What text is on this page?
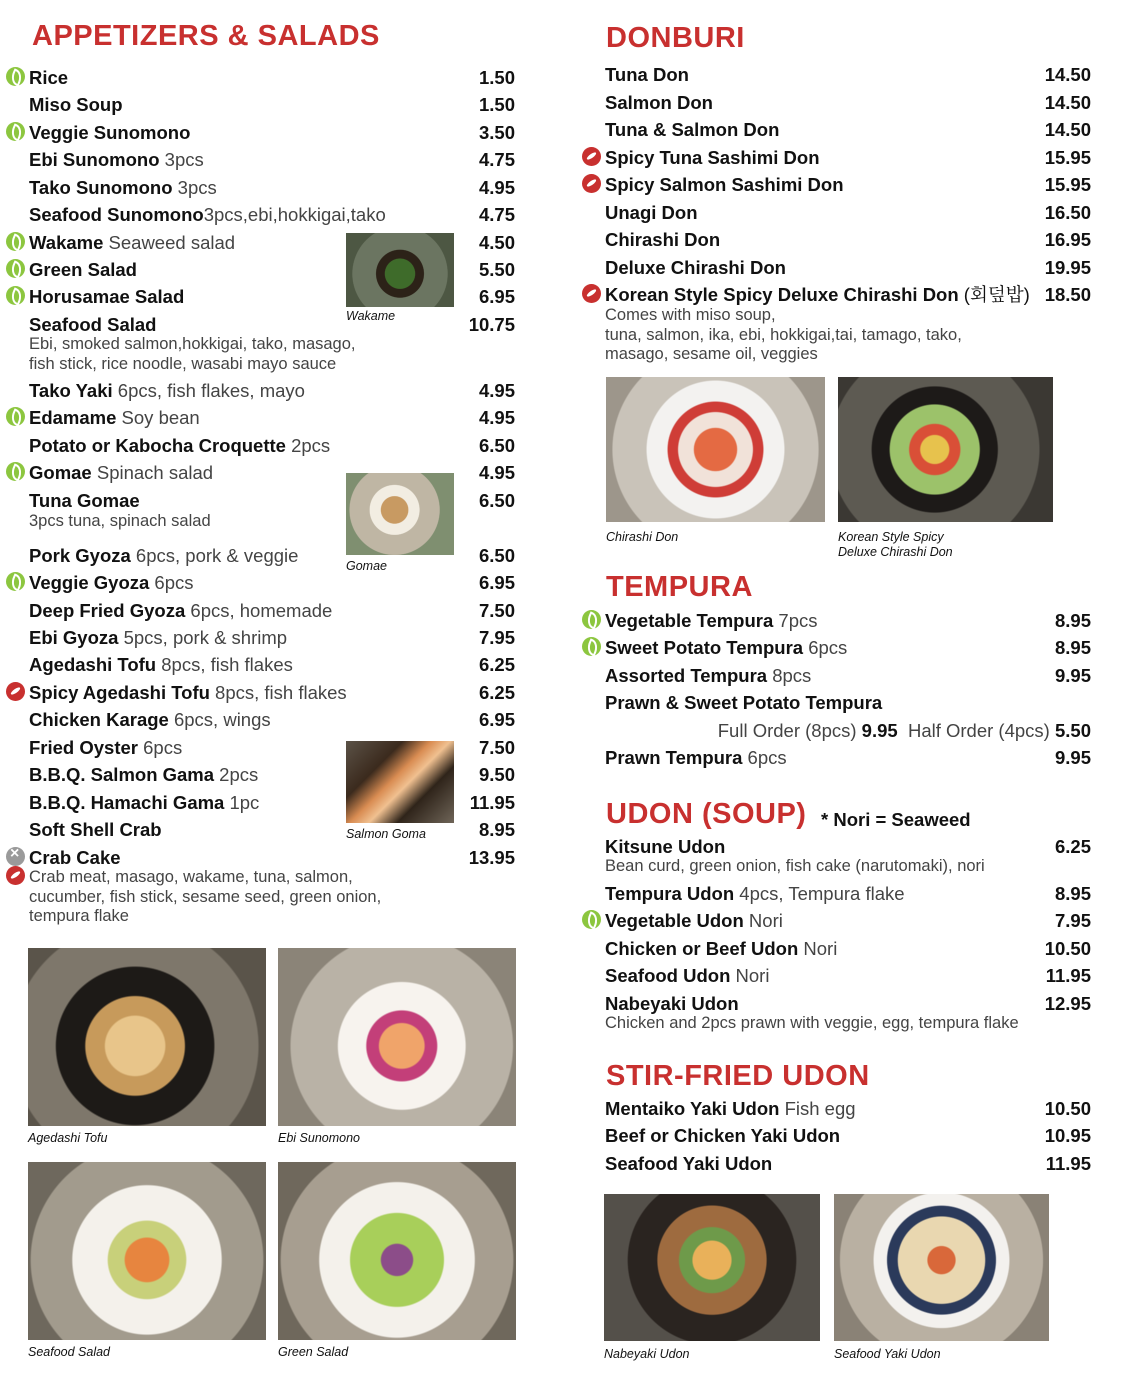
APPETIZERS & SALADS
Rice	1.50
Miso Soup	1.50
Veggie Sunomono	3.50
Ebi Sunomono 3pcs	4.75
Tako Sunomono 3pcs	4.95
Seafood Sunomono3pcs,ebi,hokkigai,tako	4.75
Wakame Seaweed salad	4.50
Green Salad	5.50
Horusamae Salad	6.95
Seafood Salad	10.75
Ebi, smoked salmon,hokkigai, tako, masago,
fish stick, rice noodle, wasabi mayo sauce
Tako Yaki 6pcs, fish flakes, mayo	4.95
Edamame Soy bean	4.95
Potato or Kabocha Croquette 2pcs	6.50
Gomae Spinach salad	4.95
Tuna Gomae	6.50
3pcs tuna, spinach salad
Pork Gyoza 6pcs, pork & veggie	6.50
Veggie Gyoza 6pcs	6.95
Deep Fried Gyoza 6pcs, homemade	7.50
Ebi Gyoza 5pcs, pork & shrimp	7.95
Agedashi Tofu 8pcs, fish flakes	6.25
Spicy Agedashi Tofu 8pcs, fish flakes	6.25
Chicken Karage 6pcs, wings	6.95
Fried Oyster 6pcs	7.50
B.B.Q. Salmon Gama 2pcs	9.50
B.B.Q. Hamachi Gama 1pc	11.95
Soft Shell Crab	8.95
×
Crab Cake	13.95
Crab meat, masago, wakame, tuna, salmon,
cucumber, fish stick, sesame seed, green onion,
tempura flake
Wakame
Gomae
Salmon Goma
Agedashi Tofu	Ebi Sunomono
Seafood Salad	Green Salad
DONBURI
Tuna Don	14.50
Salmon Don	14.50
Tuna & Salmon Don	14.50
Spicy Tuna Sashimi Don	15.95
Spicy Salmon Sashimi Don	15.95
Unagi Don	16.50
Chirashi Don	16.95
Deluxe Chirashi Don	19.95
Korean Style Spicy Deluxe Chirashi Don (회덮밥) 18.50
Comes with miso soup,
tuna, salmon, ika, ebi, hokkigai,tai, tamago, tako,
masago, sesame oil, veggies
Chirashi Don	Korean Style Spicy
Deluxe Chirashi Don
TEMPURA
Vegetable Tempura 7pcs	8.95
Sweet Potato Tempura 6pcs	8.95
Assorted Tempura 8pcs	9.95
Prawn & Sweet Potato Tempura
Full Order (8pcs) 9.95 Half Order (4pcs) 5.50
Prawn Tempura 6pcs	9.95
UDON (SOUP) * Nori = Seaweed
Kitsune Udon	6.25
Bean curd, green onion, fish cake (narutomaki), nori
Tempura Udon 4pcs, Tempura flake	8.95
Vegetable Udon Nori	7.95
Chicken or Beef Udon Nori	10.50
Seafood Udon Nori	11.95
Nabeyaki Udon	12.95
Chicken and 2pcs prawn with veggie, egg, tempura flake
STIR-FRIED UDON
Mentaiko Yaki Udon Fish egg	10.50
Beef or Chicken Yaki Udon	10.95
Seafood Yaki Udon	11.95
Nabeyaki Udon	Seafood Yaki Udon
